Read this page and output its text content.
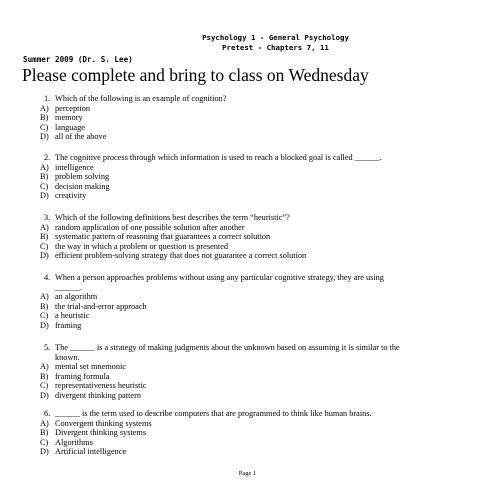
Psychology 1 - General Psychology
Pretest - Chapters 7, 11
Summer 2009 (Dr. S. Lee)
Please complete and bring to class on Wednesday
1. Which of the following is an example of cognition?
A) perception
B) memory
C) language
D) all of the above
2. The cognitive process through which information is used to reach a blocked goal is called ______.
A) intelligence
B) problem solving
C) decision making
D) creativity
3. Which of the following definitions best describes the term “heuristic”?
A) random application of one possible solution after another
B) systematic pattern of reasoning that guarantees a correct solution
C) the way in which a problem or question is presented
D) efficient problem-solving strategy that does not guarantee a correct solution
4. When a person approaches problems without using any particular cognitive strategy, they are using
______.
A) an algorithm
B) the trial-and-error approach
C) a heuristic
D) framing
5. The ______ is a strategy of making judgments about the unknown based on assuming it is similar to the
known.
A) mental set mnemonic
B) framing formula
C) representativeness heuristic
D) divergent thinking pattern
6. ______ is the term used to describe computers that are programmed to think like human brains.
A) Convergent thinking systems
B) Divergent thinking systems
C) Algorithms
D) Artificial intelligence
Page 1
